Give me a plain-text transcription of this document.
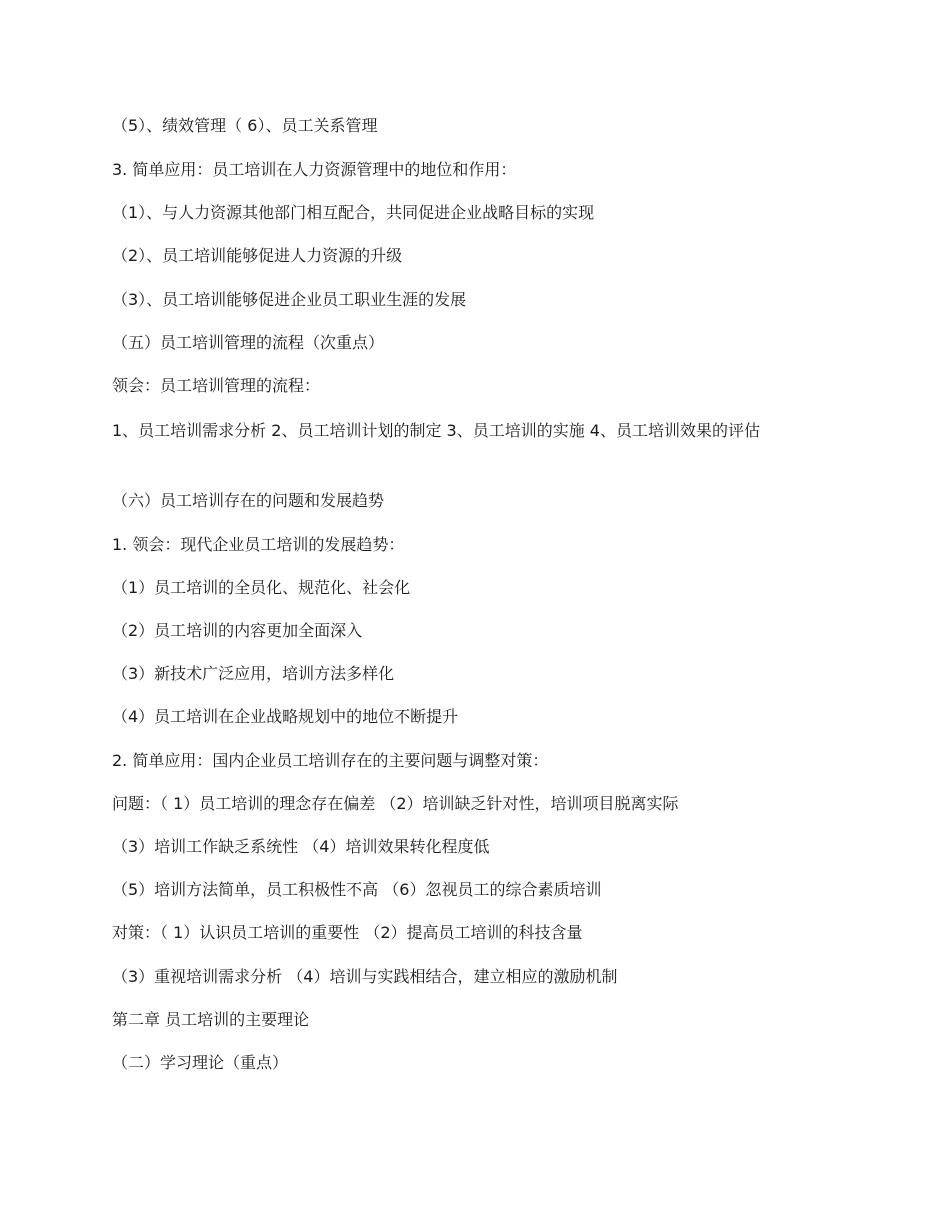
（5）、绩效管理（ 6）、员工关系管理
3. 简单应用：员工培训在人力资源管理中的地位和作用：
（1）、与人力资源其他部门相互配合，共同促进企业战略目标的实现
（2）、员工培训能够促进人力资源的升级
（3）、员工培训能够促进企业员工职业生涯的发展
（五）员工培训管理的流程（次重点）
领会：员工培训管理的流程：
1、员工培训需求分析 2、员工培训计划的制定 3、员工培训的实施 4、员工培训效果的评估
（六）员工培训存在的问题和发展趋势
1. 领会：现代企业员工培训的发展趋势：
（1）员工培训的全员化、规范化、社会化
（2）员工培训的内容更加全面深入
（3）新技术广泛应用，培训方法多样化
（4）员工培训在企业战略规划中的地位不断提升
2. 简单应用：国内企业员工培训存在的主要问题与调整对策：
问题：（ 1）员工培训的理念存在偏差 （2）培训缺乏针对性，培训项目脱离实际
（3）培训工作缺乏系统性 （4）培训效果转化程度低
（5）培训方法简单，员工积极性不高 （6）忽视员工的综合素质培训
对策：（ 1）认识员工培训的重要性 （2）提高员工培训的科技含量
（3）重视培训需求分析 （4）培训与实践相结合，建立相应的激励机制
第二章 员工培训的主要理论
（二）学习理论（重点）
